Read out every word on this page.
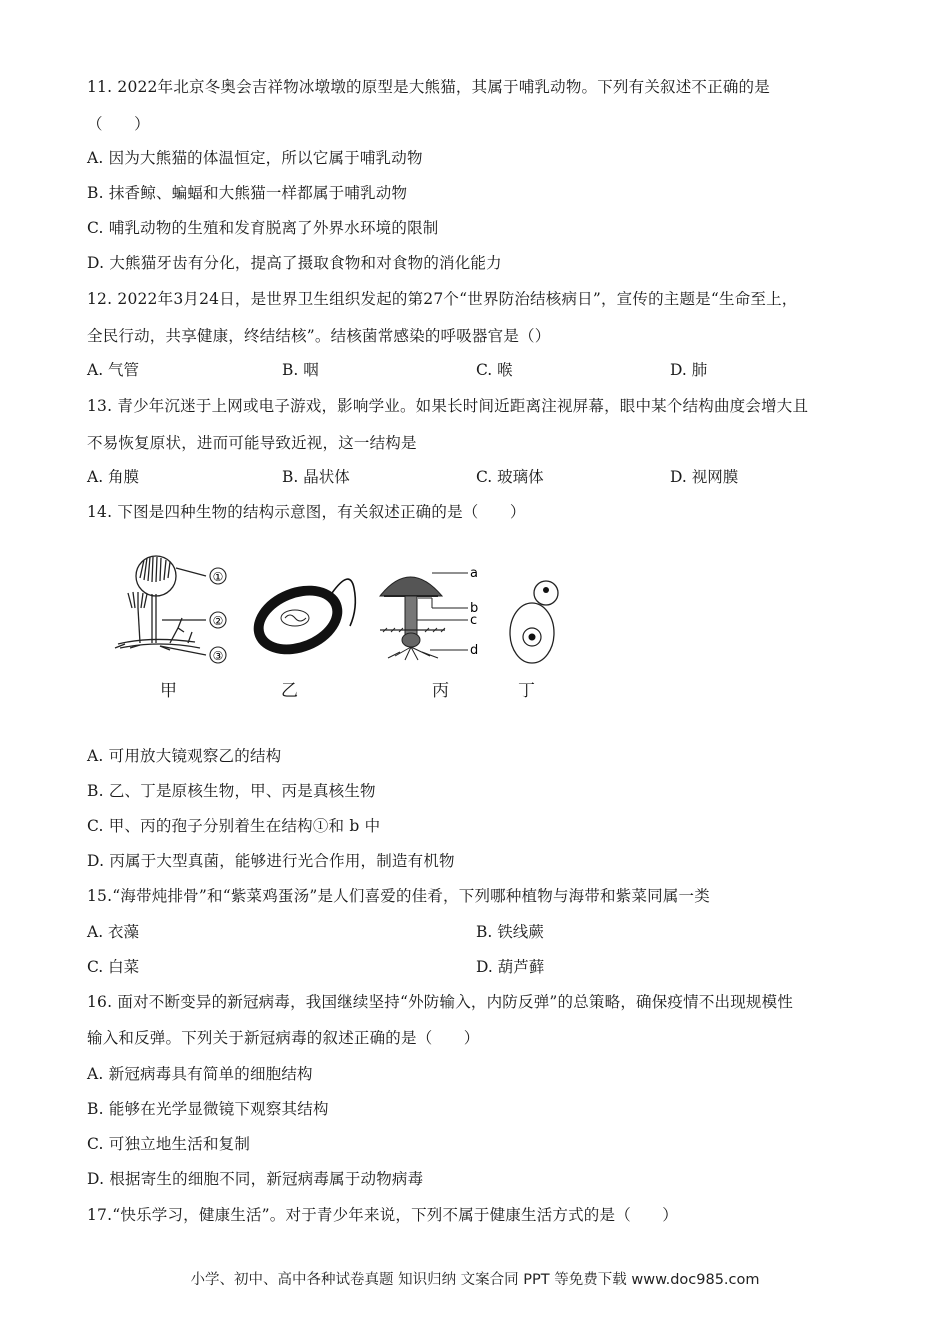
11. 2022年北京冬奥会吉祥物冰墩墩的原型是大熊猫，其属于哺乳动物。下列有关叙述不正确的是
（　　）
A. 因为大熊猫的体温恒定，所以它属于哺乳动物
B. 抹香鲸、蝙蝠和大熊猫一样都属于哺乳动物
C. 哺乳动物的生殖和发育脱离了外界水环境的限制
D. 大熊猫牙齿有分化，提高了摄取食物和对食物的消化能力
12. 2022年3月24日，是世界卫生组织发起的第27个“世界防治结核病日”，宣传的主题是“生命至上，
全民行动，共享健康，终结结核”。结核菌常感染的呼吸器官是（）
A. 气管	B. 咽	C. 喉	D. 肺
13. 青少年沉迷于上网或电子游戏，影响学业。如果长时间近距离注视屏幕，眼中某个结构曲度会增大且
不易恢复原状，进而可能导致近视，这一结构是
A. 角膜	B. 晶状体	C. 玻璃体	D. 视网膜
14. 下图是四种生物的结构示意图，有关叙述正确的是（　　）
①
②
③
a
b
c
d
甲	乙	丙	丁
A. 可用放大镜观察乙的结构
B. 乙、丁是原核生物，甲、丙是真核生物
C. 甲、丙的孢子分别着生在结构①和 b 中
D. 丙属于大型真菌，能够进行光合作用，制造有机物
15.“海带炖排骨”和“紫菜鸡蛋汤”是人们喜爱的佳肴，下列哪种植物与海带和紫菜同属一类
A. 衣藻	B. 铁线蕨
C. 白菜	D. 葫芦藓
16. 面对不断变异的新冠病毒，我国继续坚持“外防输入，内防反弹”的总策略，确保疫情不出现规模性
输入和反弹。下列关于新冠病毒的叙述正确的是（　　）
A. 新冠病毒具有简单的细胞结构
B. 能够在光学显微镜下观察其结构
C. 可独立地生活和复制
D. 根据寄生的细胞不同，新冠病毒属于动物病毒
17.“快乐学习，健康生活”。对于青少年来说，下列不属于健康生活方式的是（　　）
小学、初中、高中各种试卷真题 知识归纳 文案合同 PPT 等免费下载 www.doc985.com
